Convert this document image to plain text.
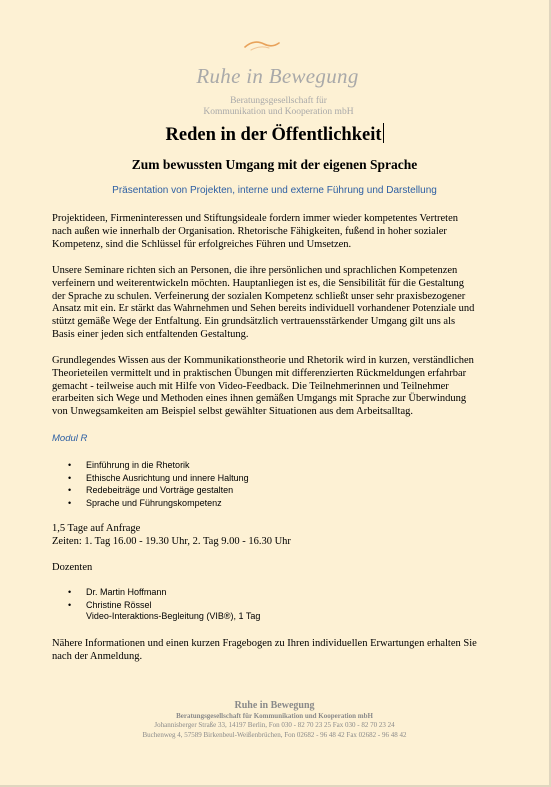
Ruhe in Bewegung
Beratungsgesellschaft für
Kommunikation und Kooperation mbH
Reden in der Öffentlichkeit
Zum bewussten Umgang mit der eigenen Sprache
Präsentation von Projekten, interne und externe Führung und Darstellung

Projektideen, Firmeninteressen und Stiftungsideale fordern immer wieder kompetentes Vertreten
nach außen wie innerhalb der Organisation. Rhetorische Fähigkeiten, fußend in hoher sozialer
Kompetenz, sind die Schlüssel für erfolgreiches Führen und Umsetzen.

Unsere Seminare richten sich an Personen, die ihre persönlichen und sprachlichen Kompetenzen
verfeinern und weiterentwickeln möchten. Hauptanliegen ist es, die Sensibilität für die Gestaltung
der Sprache zu schulen. Verfeinerung der sozialen Kompetenz schließt unser sehr praxisbezogener
Ansatz mit ein. Er stärkt das Wahrnehmen und Sehen bereits individuell vorhandener Potenziale und
stützt gemäße Wege der Entfaltung. Ein grundsätzlich vertrauensstärkender Umgang gilt uns als
Basis einer jeden sich entfaltenden Gestaltung.

Grundlegendes Wissen aus der Kommunikationstheorie und Rhetorik wird in kurzen, verständlichen
Theorieteilen vermittelt und in praktischen Übungen mit differenzierten Rückmeldungen erfahrbar
gemacht - teilweise auch mit Hilfe von Video-Feedback. Die Teilnehmerinnen und Teilnehmer
erarbeiten sich Wege und Methoden eines ihnen gemäßen Umgangs mit Sprache zur Überwindung
von Unwegsamkeiten am Beispiel selbst gewählter Situationen aus dem Arbeitsalltag.

Modul R
• Einführung in die Rhetorik
• Ethische Ausrichtung und innere Haltung
• Redebeiträge und Vorträge gestalten
• Sprache und Führungskompetenz
1,5 Tage auf Anfrage
Zeiten: 1. Tag 16.00 - 19.30 Uhr, 2. Tag 9.00 - 16.30 Uhr
Dozenten
• Dr. Martin Hoffmann
• Christine Rössel
Video-Interaktions-Begleitung (VIB®), 1 Tag

Nähere Informationen und einen kurzen Fragebogen zu Ihren individuellen Erwartungen erhalten Sie
nach der Anmeldung.

Ruhe in Bewegung
Beratungsgesellschaft für Kommunikation und Kooperation mbH
Johannisberger Straße 33, 14197 Berlin, Fon 030 - 82 70 23 25 Fax 030 - 82 70 23 24
Buchenweg 4, 57589 Birkenbeul-Weißenbrüchen, Fon 02682 - 96 48 42 Fax 02682 - 96 48 42
